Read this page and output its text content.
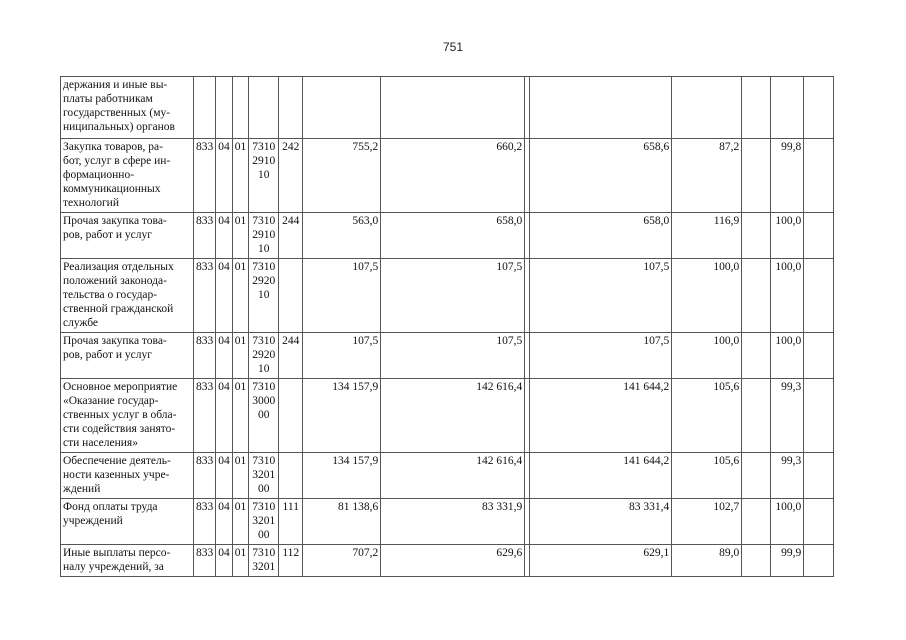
751
держания и иные вы-
платы работникам
государственных (му-
ниципальных) органов													

Закупка товаров, ра-
бот, услуг в сфере ин-
формационно-
коммуникационных
технологий	833	04	01	7310
2910
10	242	755,2	660,2		658,6	87,2		99,8	

Прочая закупка това-
ров, работ и услуг	833	04	01	7310
2910
10	244	563,0	658,0		658,0	116,9		100,0	

Реализация отдельных
положений законода-
тельства о государ-
ственной гражданской
службе	833	04	01	7310
2920
10		107,5	107,5		107,5	100,0		100,0	

Прочая закупка това-
ров, работ и услуг	833	04	01	7310
2920
10	244	107,5	107,5		107,5	100,0		100,0	

Основное мероприятие
«Оказание государ-
ственных услуг в обла-
сти содействия занято-
сти населения»	833	04	01	7310
3000
00		134 157,9	142 616,4		141 644,2	105,6		99,3	

Обеспечение деятель-
ности казенных учре-
ждений	833	04	01	7310
3201
00		134 157,9	142 616,4		141 644,2	105,6		99,3	

Фонд оплаты труда
учреждений	833	04	01	7310
3201
00	111	81 138,6	83 331,9		83 331,4	102,7		100,0	

Иные выплаты персо-
налу учреждений, за	833	04	01	7310
3201	112	707,2	629,6		629,1	89,0		99,9	
